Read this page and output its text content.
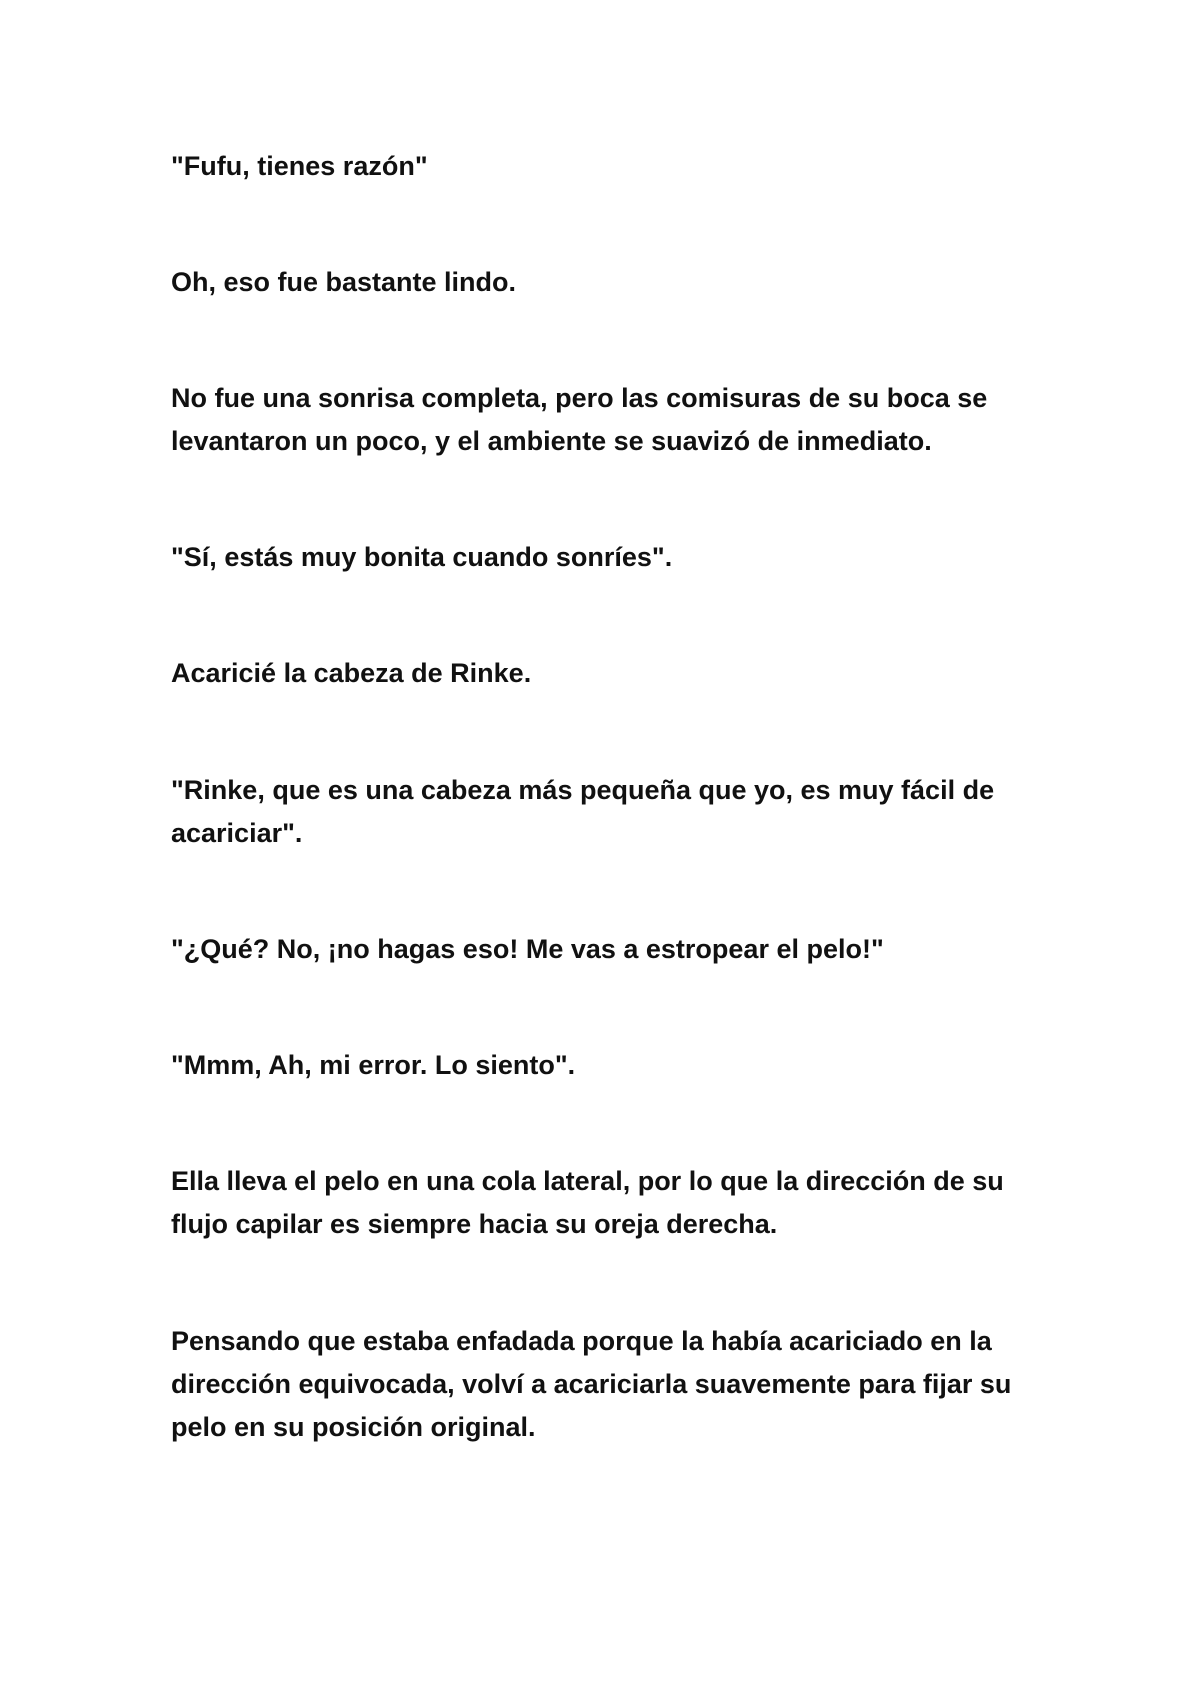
"Fufu, tienes razón"

Oh, eso fue bastante lindo.

No fue una sonrisa completa, pero las comisuras de su boca se levantaron un poco, y el ambiente se suavizó de inmediato.

"Sí, estás muy bonita cuando sonríes".

Acaricié la cabeza de Rinke.

"Rinke, que es una cabeza más pequeña que yo, es muy fácil de acariciar".

"¿Qué? No, ¡no hagas eso! Me vas a estropear el pelo!"

"Mmm, Ah, mi error. Lo siento".

Ella lleva el pelo en una cola lateral, por lo que la dirección de su flujo capilar es siempre hacia su oreja derecha.

Pensando que estaba enfadada porque la había acariciado en la dirección equivocada, volví a acariciarla suavemente para fijar su pelo en su posición original.
